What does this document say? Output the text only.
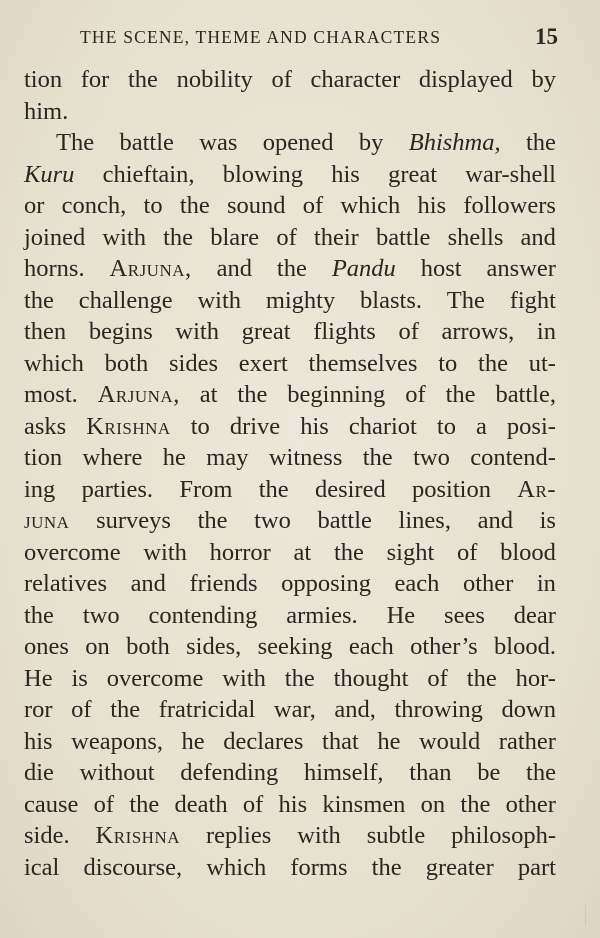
THE SCENE, THEME AND CHARACTERS	15
tion for the nobility of character displayed by
him.
The battle was opened by Bhishma, the
Kuru chieftain, blowing his great war-shell
or conch, to the sound of which his followers
joined with the blare of their battle shells and
horns. Arjuna, and the Pandu host answer
the challenge with mighty blasts. The fight
then begins with great flights of arrows, in
which both sides exert themselves to the ut-
most. Arjuna, at the beginning of the battle,
asks Krishna to drive his chariot to a posi-
tion where he may witness the two contend-
ing parties. From the desired position Ar-
juna surveys the two battle lines, and is
overcome with horror at the sight of blood
relatives and friends opposing each other in
the two contending armies. He sees dear
ones on both sides, seeking each other’s blood.
He is overcome with the thought of the hor-
ror of the fratricidal war, and, throwing down
his weapons, he declares that he would rather
die without defending himself, than be the
cause of the death of his kinsmen on the other
side. Krishna replies with subtle philosoph-
ical discourse, which forms the greater part
